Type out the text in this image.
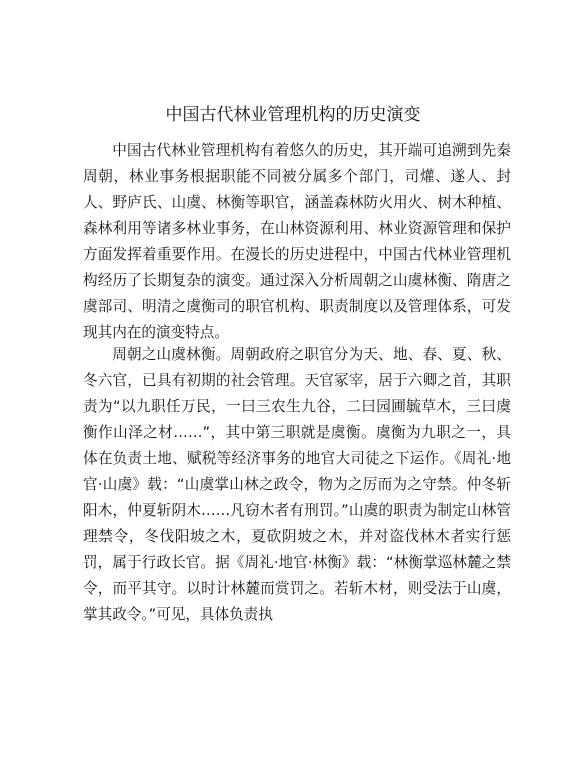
中国古代林业管理机构的历史演变

中国古代林业管理机构有着悠久的历史，其开端可追溯到先秦周朝，林业事务根据职能不同被分属多个部门，司爟、遂人、封人、野庐氏、山虞、林衡等职官，涵盖森林防火用火、树木种植、森林利用等诸多林业事务，在山林资源利用、林业资源管理和保护方面发挥着重要作用。在漫长的历史进程中，中国古代林业管理机构经历了长期复杂的演变。通过深入分析周朝之山虞林衡、隋唐之虞部司、明清之虞衡司的职官机构、职责制度以及管理体系，可发现其内在的演变特点。

周朝之山虞林衡。周朝政府之职官分为天、地、春、夏、秋、冬六官，已具有初期的社会管理。天官冢宰，居于六卿之首，其职责为“以九职任万民，一曰三农生九谷，二曰园圃毓草木，三曰虞衡作山泽之材……”，其中第三职就是虞衡。虞衡为九职之一，具体在负责土地、赋税等经济事务的地官大司徒之下运作。《周礼·地官·山虞》载：“山虞掌山林之政令，物为之厉而为之守禁。仲冬斩阳木，仲夏斩阴木……凡窃木者有刑罚。”山虞的职责为制定山林管理禁令，冬伐阳坡之木，夏砍阴坡之木，并对盗伐林木者实行惩罚，属于行政长官。据《周礼·地官·林衡》载：“林衡掌巡林麓之禁令，而平其守。以时计林麓而赏罚之。若斩木材，则受法于山虞，掌其政令。”可见，具体负责执
